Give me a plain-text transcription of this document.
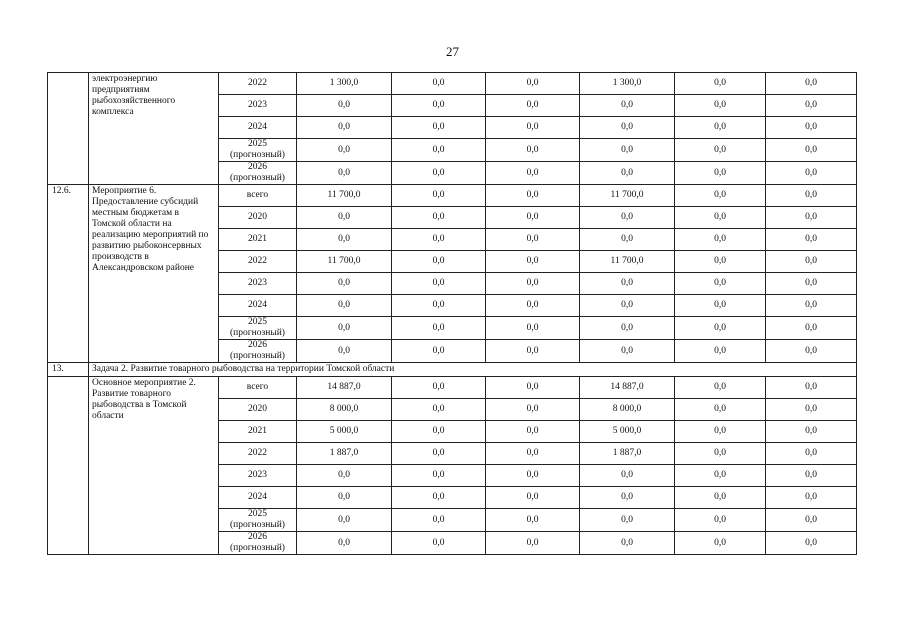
27
	электроэнергию предприятиям рыбохозяйственного комплекса	2022	1 300,0	0,0	0,0	1 300,0	0,0	0,0
		2023	0,0	0,0	0,0	0,0	0,0	0,0
		2024	0,0	0,0	0,0	0,0	0,0	0,0
		2025 (прогнозный)	0,0	0,0	0,0	0,0	0,0	0,0
		2026 (прогнозный)	0,0	0,0	0,0	0,0	0,0	0,0
12.6.	Мероприятие 6. Предоставление субсидий местным бюджетам в Томской области на реализацию мероприятий по развитию рыбоконсервных производств в Александровском районе	всего	11 700,0	0,0	0,0	11 700,0	0,0	0,0
		2020	0,0	0,0	0,0	0,0	0,0	0,0
		2021	0,0	0,0	0,0	0,0	0,0	0,0
		2022	11 700,0	0,0	0,0	11 700,0	0,0	0,0
		2023	0,0	0,0	0,0	0,0	0,0	0,0
		2024	0,0	0,0	0,0	0,0	0,0	0,0
		2025 (прогнозный)	0,0	0,0	0,0	0,0	0,0	0,0
		2026 (прогнозный)	0,0	0,0	0,0	0,0	0,0	0,0
13.	Задача 2. Развитие товарного рыбоводства на территории Томской области							
	Основное мероприятие 2. Развитие товарного рыбоводства в Томской области	всего	14 887,0	0,0	0,0	14 887,0	0,0	0,0
		2020	8 000,0	0,0	0,0	8 000,0	0,0	0,0
		2021	5 000,0	0,0	0,0	5 000,0	0,0	0,0
		2022	1 887,0	0,0	0,0	1 887,0	0,0	0,0
		2023	0,0	0,0	0,0	0,0	0,0	0,0
		2024	0,0	0,0	0,0	0,0	0,0	0,0
		2025 (прогнозный)	0,0	0,0	0,0	0,0	0,0	0,0
		2026 (прогнозный)	0,0	0,0	0,0	0,0	0,0	0,0
